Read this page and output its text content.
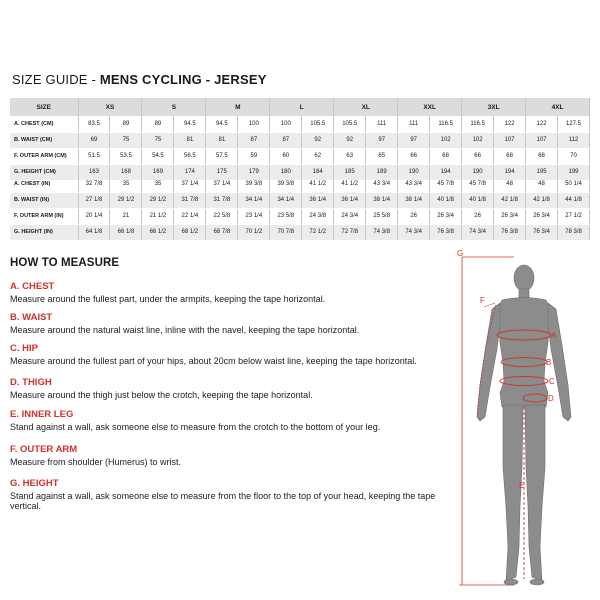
SIZE GUIDE - MENS CYCLING - JERSEY
SIZE	XS		S		M		L		XL		XXL		3XL		4XL	
A. CHEST (CM)	83.5	89	89	94.5	94.5	100	100	105.5	105.5	111	111	116.5	116.5	122	122	127.5
B. WAIST (CM)	69	75	75	81	81	87	87	92	92	97	97	102	102	107	107	112
F. OUTER ARM (CM)	51.5	53.5	54.5	56.5	57.5	59	60	62	63	65	66	68	66	68	68	70
G. HEIGHT (CM)	163	168	169	174	175	179	180	184	185	189	190	194	190	194	195	199
A. CHEST (IN)	32 7/8	35	35	37 1/4	37 1/4	39 3/8	39 3/8	41 1/2	41 1/2	43 3/4	43 3/4	45 7/8	45 7/8	48	48	50 1/4
B. WAIST (IN)	27 1/8	29 1/2	29 1/2	31 7/8	31 7/8	34 1/4	34 1/4	36 1/4	36 1/4	38 1/4	38 1/4	40 1/8	40 1/8	42 1/8	42 1/8	44 1/8
F. OUTER ARM (IN)	20 1/4	21	21 1/2	22 1/4	22 5/8	23 1/4	23 5/8	24 3/8	24 3/4	25 5/8	26	26 3/4	26	26 3/4	26 3/4	27 1/2
G. HEIGHT (IN)	64 1/8	66 1/8	66 1/2	68 1/2	68 7/8	70 1/2	70 7/8	72 1/2	72 7/8	74 3/8	74 3/4	76 3/8	74 3/4	76 3/8	76 3/4	78 3/8
HOW TO MEASURE
A. CHEST
Measure around the fullest part, under the armpits, keeping the tape horizontal.
B. WAIST
Measure around the natural waist line, inline with the navel, keeping the tape horizontal.
C. HIP
Measure around the fullest part of your hips, about 20cm below waist line, keeping the tape horizontal.
D. THIGH
Measure around the thigh just below the crotch, keeping the tape horizontal.
E. INNER LEG
Stand against a wall, ask someone else to measure from the crotch to the bottom of your leg.
F. OUTER ARM
Measure from shoulder (Humerus) to wrist.
G. HEIGHT
Stand against a wall, ask someone else to measure from the floor to the top of your head, keeping the tape vertical.
G
F
A
B
C
D
E
